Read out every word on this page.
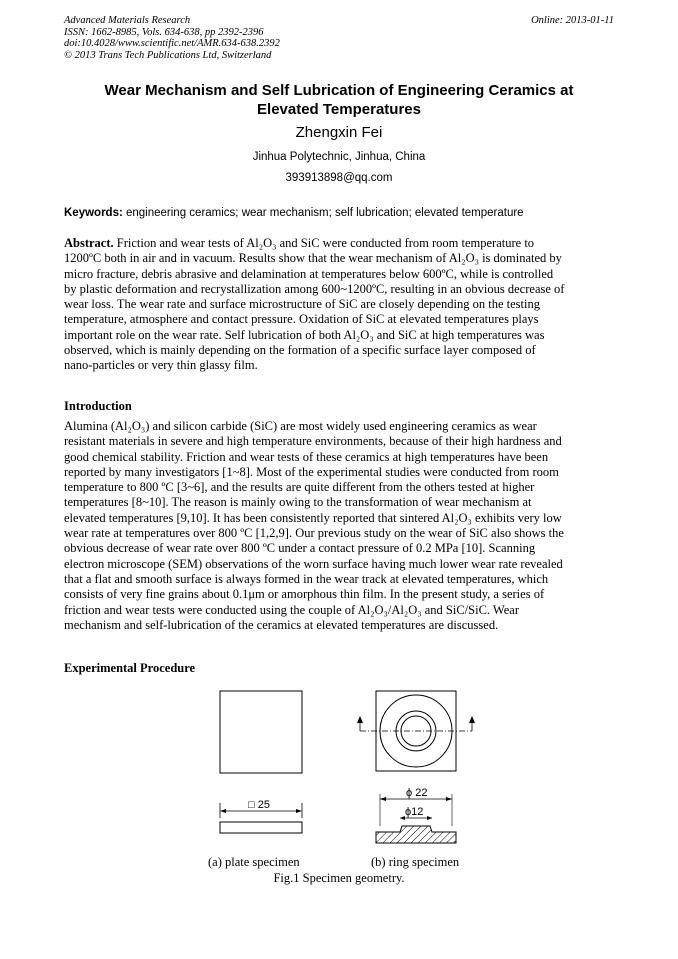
Advanced Materials Research
ISSN: 1662-8985, Vols. 634-638, pp 2392-2396
doi:10.4028/www.scientific.net/AMR.634-638.2392
© 2013 Trans Tech Publications Ltd, Switzerland
Online: 2013-01-11
Wear Mechanism and Self Lubrication of Engineering Ceramics at
Elevated Temperatures
Zhengxin Fei
Jinhua Polytechnic, Jinhua, China
393913898@qq.com
Keywords: engineering ceramics; wear mechanism; self lubrication; elevated temperature
Abstract. Friction and wear tests of Al₂O₃ and SiC were conducted from room temperature to
1200ºC both in air and in vacuum. Results show that the wear mechanism of Al₂O₃ is dominated by
micro fracture, debris abrasive and delamination at temperatures below 600ºC, while is controlled
by plastic deformation and recrystallization among 600~1200ºC, resulting in an obvious decrease of
wear loss. The wear rate and surface microstructure of SiC are closely depending on the testing
temperature, atmosphere and contact pressure. Oxidation of SiC at elevated temperatures plays
important role on the wear rate. Self lubrication of both Al₂O₃ and SiC at high temperatures was
observed, which is mainly depending on the formation of a specific surface layer composed of
nano-particles or very thin glassy film.
Introduction
Alumina (Al₂O₃) and silicon carbide (SiC) are most widely used engineering ceramics as wear
resistant materials in severe and high temperature environments, because of their high hardness and
good chemical stability. Friction and wear tests of these ceramics at high temperatures have been
reported by many investigators [1~8]. Most of the experimental studies were conducted from room
temperature to 800 ºC [3~6], and the results are quite different from the others tested at higher
temperatures [8~10]. The reason is mainly owing to the transformation of wear mechanism at
elevated temperatures [9,10]. It has been consistently reported that sintered Al₂O₃ exhibits very low
wear rate at temperatures over 800 ºC [1,2,9]. Our previous study on the wear of SiC also shows the
obvious decrease of wear rate over 800 ºC under a contact pressure of 0.2 MPa [10]. Scanning
electron microscope (SEM) observations of the worn surface having much lower wear rate revealed
that a flat and smooth surface is always formed in the wear track at elevated temperatures, which
consists of very fine grains about 0.1μm or amorphous thin film. In the present study, a series of
friction and wear tests were conducted using the couple of Al₂O₃/Al₂O₃ and SiC/SiC. Wear
mechanism and self-lubrication of the ceramics at elevated temperatures are discussed.
Experimental Procedure
□ 25
ϕ 22
ϕ12
(a) plate specimen	(b) ring specimen
Fig.1 Specimen geometry.
